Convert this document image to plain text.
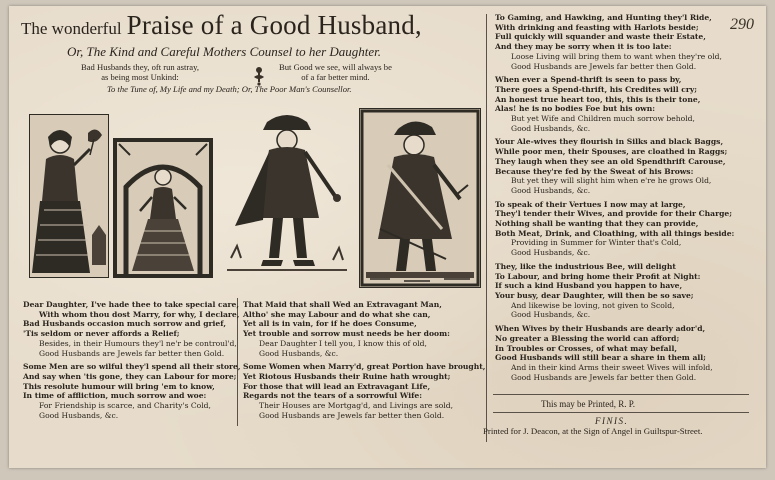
The wonderful Praise of a Good Husband,	290
Or, The Kind and Careful Mothers Counsel to her Daughter.
Bad Husbands they, oft run astray,
as being most Unkind:
But Good we see, will always be
of a far better mind.
To the Tune of, My Life and my Death; Or, The Poor Man's Counsellor.
Dear Daughter, I've hade thee to take special care,
With whom thou dost Marry, for why, I declare,
Bad Husbands occasion much sorrow and grief,
'Tis seldom or never affords a Relief;
Besides, in their Humours they'l ne'r be controul'd,
Good Husbands are Jewels far better then Gold.
Some Men are so wilful they'l spend all their store,
And say when 'tis gone, they can Labour for more;
This resolute humour will bring 'em to know,
In time of affliction, much sorrow and woe:
For Friendship is scarce, and Charity's Cold,
Good Husbands, &c.
That Maid that shall Wed an Extravagant Man,
Altho' she may Labour and do what she can,
Yet all is in vain, for if he does Consume,
Yet trouble and sorrow must needs be her doom:
Dear Daughter I tell you, I know this of old,
Good Husbands, &c.
Some Women when Marry'd, great Portion have brought,
Yet Riotous Husbands their Ruine hath wrought;
For those that will lead an Extravagant Life,
Regards not the tears of a sorrowful Wife:
Their Houses are Mortgag'd, and Livings are sold,
Good Husbands are Jewels far better then Gold.
To Gaming, and Hawking, and Hunting they'l Ride,
With drinking and feasting with Harlots beside;
Full quickly will squander and waste their Estate,
And they may be sorry when it is too late:
Loose Living will bring them to want when they're old,
Good Husbands are Jewels far better then Gold.
When ever a Spend-thrift is seen to pass by,
There goes a Spend-thrift, his Credites will cry;
An honest true heart too, this, this is their tone,
Alas! he is no bodies Foe but his own:
But yet Wife and Children much sorrow behold,
Good Husbands, &c.
Your Ale-wives they flourish in Silks and black Baggs,
While poor men, their Spouses, are cloathed in Raggs;
They laugh when they see an old Spendthrift Carouse,
Because they're fed by the Sweat of his Brows:
But yet they will slight him when e're he grows Old,
Good Husbands, &c.
To speak of their Vertues I now may at large,
They'l tender their Wives, and provide for their Charge;
Nothing shall be wanting that they can provide,
Both Meat, Drink, and Cloathing, with all things beside:
Providing in Summer for Winter that's Cold,
Good Husbands, &c.
They, like the industrious Bee, will delight
To Labour, and bring home their Profit at Night:
If such a kind Husband you happen to have,
Your busy, dear Daughter, will then be so save;
And likewise be loving, not given to Scold,
Good Husbands, &c.
When Wives by their Husbands are dearly ador'd,
No greater a Blessing the world can afford;
In Troubles or Crosses, of what may befall,
Good Husbands will still bear a share in them all;
And in their kind Arms their sweet Wives will infold,
Good Husbands are Jewels far better then Gold.
FINIS.
This may be Printed, R. P.
Printed for J. Deacon, at the Sign of Angel in Guiltspur-Street.
